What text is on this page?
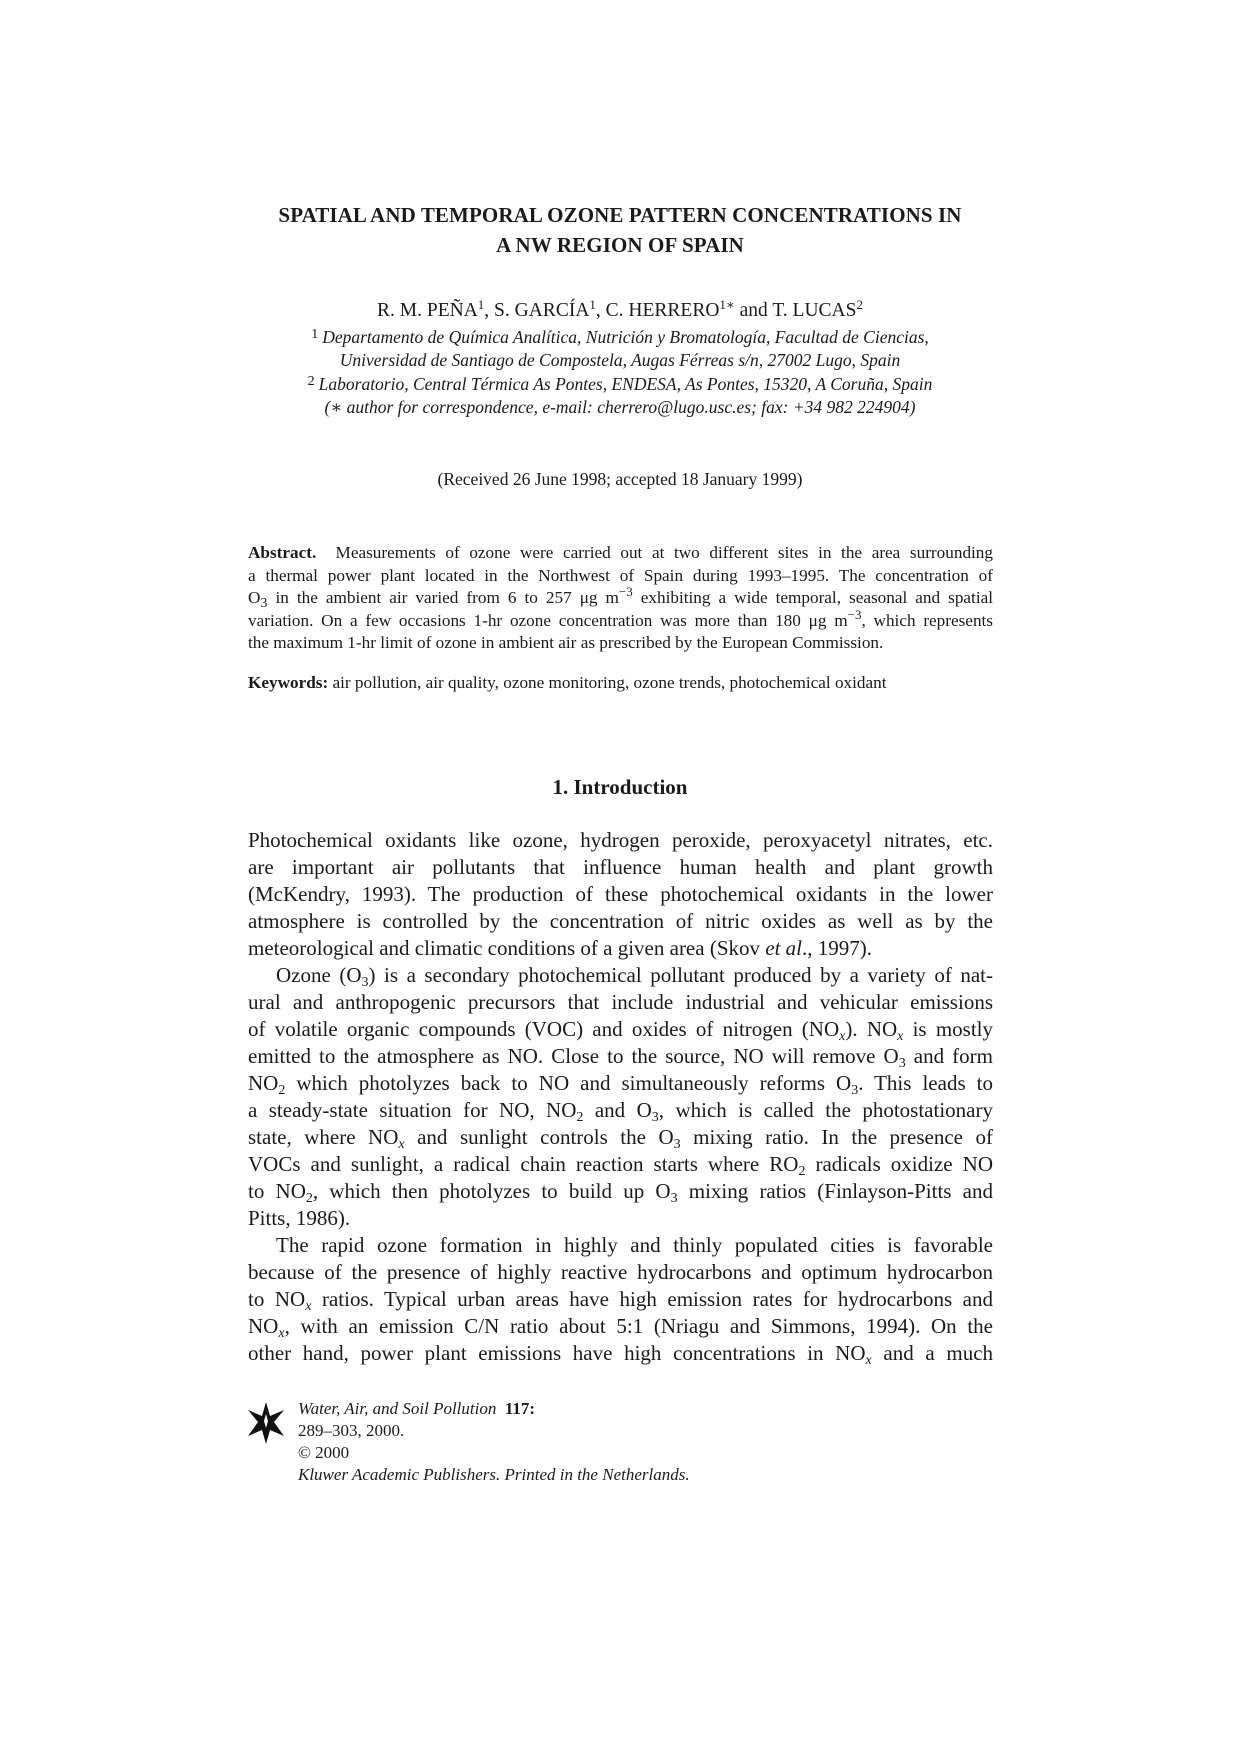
SPATIAL AND TEMPORAL OZONE PATTERN CONCENTRATIONS IN
A NW REGION OF SPAIN
R. M. PEÑA$^1$, S. GARCÍA$^1$, C. $HERRERO^{1∗}$ and T. LUCAS$^2$
$^1$ Departamento de Química Analítica, Nutrición y Bromatología, Facultad de Ciencias,
Universidad de Santiago de Compostela, Augas Férreas s/n, 27002 Lugo, Spain
$^2$ Laboratorio, Central Térmica As Pontes, ENDESA, As Pontes, 15320, A Coruña, Spain
(∗ author for correspondence, e-mail: cherrero@lugo.usc.es; fax: +34 982 224904)
(Received 26 June 1998; accepted 18 January 1999)
Abstract. Measurements of ozone were carried out at two different sites in the area surrounding
a thermal power plant located in the Northwest of Spain during 1993–1995. The concentration of
$O_3$ in the ambient air varied from 6 to 257 μg $m^{-3}$ exhibiting a wide temporal, seasonal and spatial
variation. On a few occasions 1-hr ozone concentration was more than 180 μg $m^{-3}$, which represents
the maximum 1-hr limit of ozone in ambient air as prescribed by the European Commission.
Keywords: air pollution, air quality, ozone monitoring, ozone trends, photochemical oxidant
1. Introduction
Photochemical oxidants like ozone, hydrogen peroxide, peroxyacetyl nitrates, etc.
are important air pollutants that influence human health and plant growth
(McKendry, 1993). The production of these photochemical oxidants in the lower
atmosphere is controlled by the concentration of nitric oxides as well as by the
meteorological and climatic conditions of a given area (Skov et al., 1997).
Ozone $(O_3)$ is a secondary photochemical pollutant produced by a variety of nat-
ural and anthropogenic precursors that include industrial and vehicular emissions
of volatile organic compounds (VOC) and oxides of nitrogen $(NO_x)$. $NO_x$ is mostly
emitted to the atmosphere as NO. Close to the source, NO will remove $O_3$ and form
$NO_2$ which photolyzes back to NO and simultaneously reforms $O_3$. This leads to
a steady-state situation for NO, $NO_2$ and $O_3$, which is called the photostationary
state, where $NO_x$ and sunlight controls the $O_3$ mixing ratio. In the presence of
VOCs and sunlight, a radical chain reaction starts where $RO_2$ radicals oxidize NO
to $NO_2$, which then photolyzes to build up $O_3$ mixing ratios (Finlayson-Pitts and
Pitts, 1986).
The rapid ozone formation in highly and thinly populated cities is favorable
because of the presence of highly reactive hydrocarbons and optimum hydrocarbon
to $NO_x$ ratios. Typical urban areas have high emission rates for hydrocarbons and
$NO_x$, with an emission C/N ratio about 5:1 (Nriagu and Simmons, 1994). On the
other hand, power plant emissions have high concentrations in $NO_x$ and a much
Water, Air, and Soil Pollution 117:
289–303, 2000.
© 2000
Kluwer Academic Publishers. Printed in the Netherlands.
